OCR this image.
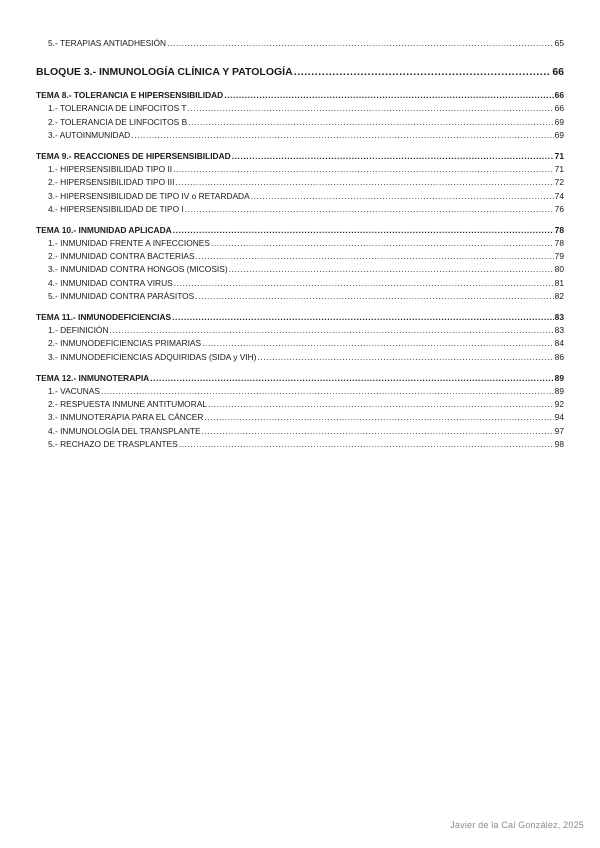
5.- TERAPIAS ANTIADHESIÓN .....	65
BLOQUE 3.- INMUNOLOGÍA CLÍNICA Y PATOLOGÍA .....	66
TEMA 8.- TOLERANCIA E HIPERSENSIBILIDAD .....	66
1.- TOLERANCIA DE LINFOCITOS T .....	66
2.- TOLERANCIA DE LINFOCITOS B .....	69
3.- AUTOINMUNIDAD .....	69
TEMA 9.- REACCIONES DE HIPERSENSIBILIDAD .....	71
1.- HIPERSENSIBILIDAD TIPO II .....	71
2.- HIPERSENSIBILIDAD TIPO III .....	72
3.- HIPERSENSIBILIDAD DE TIPO IV o RETARDADA .....	74
4.- HIPERSENSIBILIDAD DE TIPO I .....	76
TEMA 10.- INMUNIDAD APLICADA .....	78
1.- INMUNIDAD FRENTE A INFECCIONES .....	78
2.- INMUNIDAD CONTRA BACTERIAS .....	79
3.- INMUNIDAD CONTRA HONGOS (MICOSIS) .....	80
4.- INMUNIDAD CONTRA VIRUS .....	81
5.- INMUNIDAD CONTRA PARÁSITOS .....	82
TEMA 11.- INMUNODEFICIENCIAS .....	83
1.- DEFINICIÓN .....	83
2.- INMUNODEFICIENCIAS PRIMARIAS .....	84
3.- INMUNODEFICIENCIAS ADQUIRIDAS (SIDA y VIH) .....	86
TEMA 12.- INMUNOTERAPIA .....	89
1.- VACUNAS .....	89
2.- RESPUESTA INMUNE ANTITUMORAL .....	92
3.- INMUNOTERAPIA PARA EL CÁNCER .....	94
4.- INMUNOLOGÍA DEL TRANSPLANTE .....	97
5.- RECHAZO DE TRASPLANTES .....	98
Javier de la Cal González, 2025
